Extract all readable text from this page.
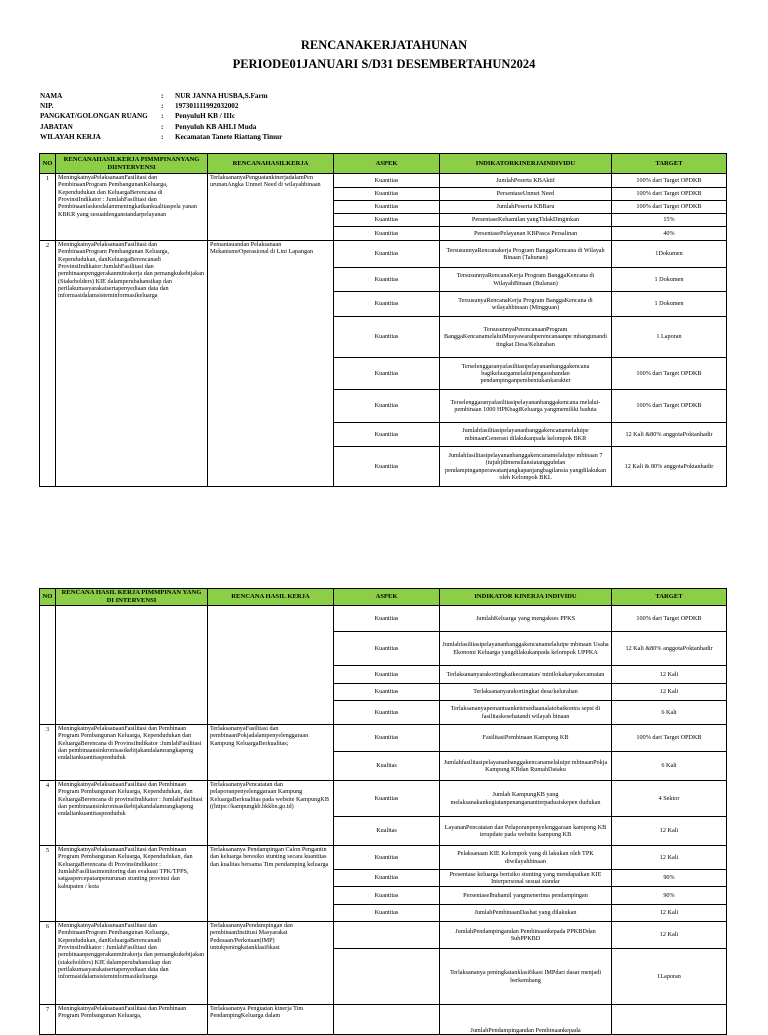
RENCANAKERJATAHUNAN
PERIODE01JANUARI S/D31 DESEMBERTAHUN2024
NAMA	: NUR JANNA HUSBA,S.Farm
NIP.	: 197301111992032002
PANGKAT/GOLONGAN RUANG : PenyuluH KB / IIIc
JABATAN	: Penyuluh KB AHLI Muda
WILAYAH KERJA	: Kecamatan Tanete Riattang Timur
NO	RENCANAHASILKERJA PIMMPINANYANG DIINTERVENSI	RENCANAHASILKERJA	ASPEK	INDIKATORKINERJAINDIVIDU	TARGET
1	MeningkatnyaPelaksanaanFasilitasi dan PembinaanProgram PembangunanKeluarga, Kependudukan dan KeluargaBerencana di ProvinsiIndikator : JumlahFasilitasi dan Pembinaanfaskesdalammeningkatkankualitaspela yanan KBKR yang sesuaidenganstandarpelayanan	TerlaksananyaPenguatankinerjadalamPen urunanAngka Unmet Need di wilayahbinaan	Kuantitas	JumlahPeserta KBAktif	100% dari Target OPDKB
			Kuantitas	PersentaseUnmet Need	100% dari Target OPDKB
			Kuantitas	JumlahPeserta KBBaru	100% dari Target OPDKB
			Kuantitas	PersentaseKehamilan yangTidakDinginkan	15%
			Kuantitas	PersentasePelayanan KBPasca Persalinan	40%
2	MeningkatnyaPelaksanaanFasilitasi dan PembinaanProgram Pembangunan Keluarga, Kependudukan, danKeluargaBerencanadi ProvinsiIndikator:JumlahFasilitasi dan pembinaanpenggerakanmitrakerja dan pemangkukebijakan (Stakeholders) KIE dalamperubahansikap dan perilakumasyarakatsertapenyediaan data dan informasidalamsisteminformasikeluarga	Pemantauandan Pelaksanaan MekanismeOperasional di Lini Lapangan	Kuantitas	TersusunnyaRencanakerja Program BanggaKencana di Wilayah Binaan (Tahunan)	1Dokumen
			Kuantitas	TersusunnyaRencanaKerja Program BanggaKencana di WilayahBinaan (Bulanan)	1 Dokumen
			Kuantitas	TersusunyaRencanaKerja Program BanggaKencana di wilayahbinaan (Mingguan)	1 Dokumen
			Kuantitas	TersusunnyaPerencanaanProgram BanggaKencanamelaluiMusyawarahperencanaanpe mbangunandi tingkat Desa/Kelurahan	1 Laporan
			Kuantitas	Terselenggaranyafasilitasipelayananbanggakencana bagikeluargamelaluipengasuhandan pendampinganpembentukankarakter	100% dari Target OPDKB
			Kuantitas	Terselenggaranyafasilitasipelayananbanggakencana melaluipembinaan 1000 HPKbagiKeluarga yangmemiliki baduta	100% dari Target OPDKB
			Kuantitas	Jumlahfasilitasipelayananbanggakencanamelaluipe mbinaanGenerasi dilakukanpada kelompok BKR	12 Kali &80% anggotaPoktanhadir
			Kuantitas	Jumlahfasilitasipelayananbanggakencanamelaluipe mbinaan 7 (tujuh)dimensilansiatangguhdan pendampinganperawatanjangkapanjangbagilansia yangdilakukan oleh Kelompok BKL	12 Kali & 80% anggotaPoktanhadir
NO	RENCANA HASIL KERJA PIMMPINAN YANG DI INTERVENSI	RENCANA HASIL KERJA	ASPEK	INDIKATOR KINERJA INDIVIDU	TARGET
			Kuantitas	JumlahKeluarga yang mengakses PPKS	100% dari Target OPDKB
			Kuantitas	Jumlahfasilitasipelayananbanggakencanamelaluipe mbinaan Usaha Ekonomi Keluarga yangdilakukanpada kelompok UPPKA	12 Kali &80% anggotaPoktanhadir
			Kuantitas	Terlaksananyarakortingkatkecamatan/ minilokakaryakecamatan	12 Kali
			Kuantitas	Terlaksananyarakortingkat desa/kelurahan	12 Kali
			Kuantitas	Terlaksananyapemantuanketersediaanalatobatkontra sepsi di fasilitaskesehatandi wilayah binaan	6 Kali
3	MeningkatnyaPelaksanaanFasilitasi dan Pembinaan Program Pembangunan Keluarga, Kependudukan dan KeluargaBerencana di ProvinsiIndikator :JumlahFasilitasi dan pembinaansinkronisasikebijakandalamrangkapeng endaliankuantitaspenduduk	TerlaksananyaFasilitasi dan pembinaanPokjadalampenyelenggaraan Kampung KeluargaBerkualitas;	Kuantitas	FasilitasiPembinaan Kampung KB	100% dari Target OPDKB
			Kualitas	Jumlahfasilitasipelayananbanggakencanamelaluipe mbinaanPokja Kampung KBdan RumahDataku	6 Kali
4	MeningkatnyaPelaksanaanFasilitasi dan Pembinaan Program Pembangunan Keluarga, Kependudukan, dan KeluargaBerencana di provinsiIndikator : JumlahFasilitasi dan pembinaansinkronisasikebijakandalamrangkapeng endaliankuantitaspenduduk	TerlaksananyaPencatatan dan pelaporanpenyelenggaraan Kampung KeluargaBerkualitas pada website KampungKB ((https://kampungkb.bkkbn.go.id)	Kuantitas	Jumlah KampungKB yang melaksanakankegiatanpenanganantterpadusiskepen dudukan	4 Sektor
			Kualitas	LayananPencatatan dan Pelaporanpenyelenggaraan kampong KB terupdate pada website kampung KB	12 Kali
5	MeningkatnyaPelaksanaanFasilitasi dan Pembinaan Program Pembangunan Keluarga, Kependudukan, dan KeluargaBerencana di Provinsiindikator : JumlahFasilitasimonitoring dan evaluasi TPK/TPPS, satgaspercepatanpenurunan stunting provinsi dan kabupaten / kota	Terlaksananya Pendampingan Calon Pengantin dan keluarga beresiko stunting secara kuantitas dan kualitas bersama Tim pendamping keluarga	Kuantitas	Pelaksanaan KIE Kelompok yang di lakukan oleh TPK diwilayahbinaan	12 Kali
			Kuantitas	Presentase keluarga berisiko stunting yang mendapatkan KIE Interpersonal sesuai standar	90%
			Kuantitas	PersentaseIbuhamil yangmenerima pendampingan	90%
			Kuantitas	JumlahPembinaanDashat yang dilakukan	12 Kali
6	MeningkatnyaPelaksanaanFasilitasi dan PembinaanProgram Pembangunan Keluarga, Kependudukan, danKeluargaBerencanadi ProvinsiIndikator : JumlahFasilitasi dan pembinaanpenggerakanmitrakerja dan pemangkukebijakan (stakeholders) KIE dalamperubahansikap dan perilakumasyarakatsertapenyediaan data dan informasidalamsisteminformasikeluarga	TerlaksananyaPendampingan dan pembinaanInstitusi Masyarakat Pedesaan/Perkotaan(IMP) untukpeningkatanklasifikasi		JumlahPendampingandan Pembinaankepada PPKBDdan SubPPKBD	12 Kali
				Terlaksananya peningkatanklasifikasi IMPdari dasar menjadi berkembang	1Laporan
7	MeningkatnyaPelaksanaanFasilitasi dan Pembinaan Program Pembangunan Keluarga,	Terlaksananya Penguatan kinerja Tim PendampingKeluarga dalam		JumlahPendampingandan Pembinaankepada	
